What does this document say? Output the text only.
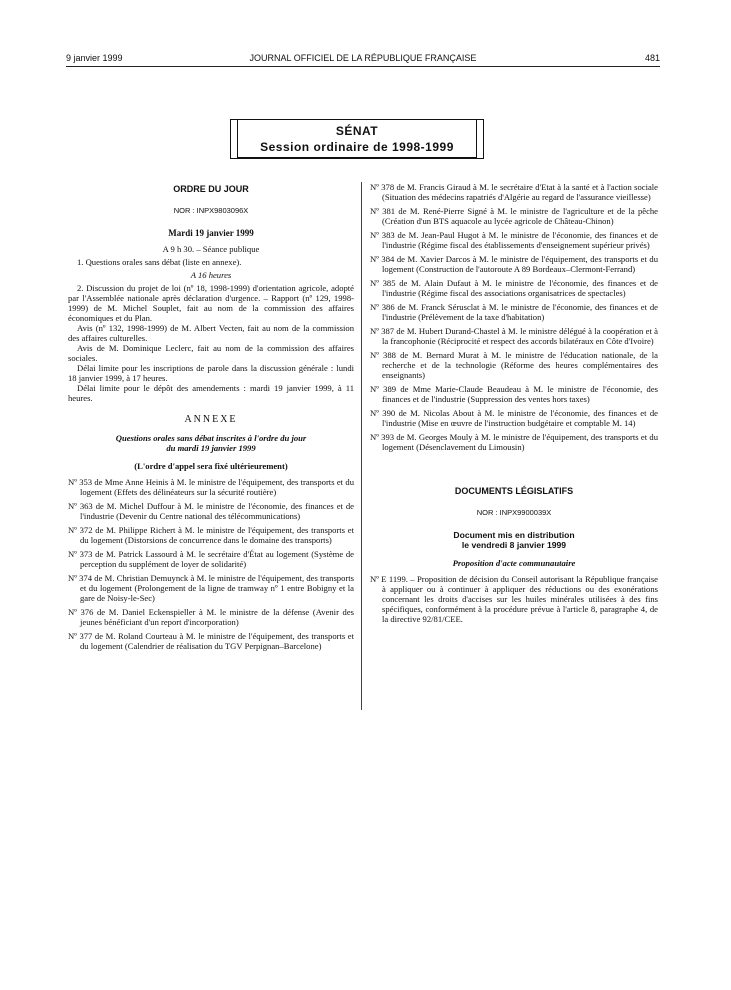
9 janvier 1999	JOURNAL OFFICIEL DE LA RÉPUBLIQUE FRANÇAISE	481
SÉNAT
Session ordinaire de 1998-1999

ORDRE DU JOUR

NOR : INPX9803096X

Mardi 19 janvier 1999

A 9 h 30. – Séance publique

1. Questions orales sans débat (liste en annexe).

A 16 heures

2. Discussion du projet de loi (nº 18, 1998-1999) d'orientation agricole, adopté par l'Assemblée nationale après déclaration d'urgence. – Rapport (nº 129, 1998-1999) de M. Michel Souplet, fait au nom de la commission des affaires économiques et du Plan.

Avis (nº 132, 1998-1999) de M. Albert Vecten, fait au nom de la commission des affaires culturelles.

Avis de M. Dominique Leclerc, fait au nom de la commission des affaires sociales.

Délai limite pour les inscriptions de parole dans la discussion générale : lundi 18 janvier 1999, à 17 heures.

Délai limite pour le dépôt des amendements : mardi 19 janvier 1999, à 11 heures.

ANNEXE

Questions orales sans débat inscrites à l'ordre du jour

du mardi 19 janvier 1999

(L'ordre d'appel sera fixé ultérieurement)

Nº 353 de Mme Anne Heinis à M. le ministre de l'équipement, des transports et du logement (Effets des délinéateurs sur la sécurité routière)

Nº 363 de M. Michel Duffour à M. le ministre de l'économie, des finances et de l'industrie (Devenir du Centre national des télécommunications)

Nº 372 de M. Philippe Richert à M. le ministre de l'équipement, des transports et du logement (Distorsions de concurrence dans le domaine des transports)

Nº 373 de M. Patrick Lassourd à M. le secrétaire d'État au logement (Système de perception du supplément de loyer de solidarité)

Nº 374 de M. Christian Demuynck à M. le ministre de l'équipement, des transports et du logement (Prolongement de la ligne de tramway nº 1 entre Bobigny et la gare de Noisy-le-Sec)

Nº 376 de M. Daniel Eckenspieller à M. le ministre de la défense (Avenir des jeunes bénéficiant d'un report d'incorporation)

Nº 377 de M. Roland Courteau à M. le ministre de l'équipement, des transports et du logement (Calendrier de réalisation du TGV Perpignan–Barcelone)

Nº 378 de M. Francis Giraud à M. le secrétaire d'Etat à la santé et à l'action sociale (Situation des médecins rapatriés d'Algérie au regard de l'assurance vieillesse)

Nº 381 de M. René-Pierre Signé à M. le ministre de l'agriculture et de la pêche (Création d'un BTS aquacole au lycée agricole de Château-Chinon)

Nº 383 de M. Jean-Paul Hugot à M. le ministre de l'économie, des finances et de l'industrie (Régime fiscal des établissements d'enseignement supérieur privés)

Nº 384 de M. Xavier Darcos à M. le ministre de l'équipement, des transports et du logement (Construction de l'autoroute A 89 Bordeaux–Clermont-Ferrand)

Nº 385 de M. Alain Dufaut à M. le ministre de l'économie, des finances et de l'industrie (Régime fiscal des associations organisatrices de spectacles)

Nº 386 de M. Franck Sérusclat à M. le ministre de l'économie, des finances et de l'industrie (Prélèvement de la taxe d'habitation)

Nº 387 de M. Hubert Durand-Chastel à M. le ministre délégué à la coopération et à la francophonie (Réciprocité et respect des accords bilatéraux en Côte d'Ivoire)

Nº 388 de M. Bernard Murat à M. le ministre de l'éducation nationale, de la recherche et de la technologie (Réforme des heures complémentaires des enseignants)

Nº 389 de Mme Marie-Claude Beaudeau à M. le ministre de l'économie, des finances et de l'industrie (Suppression des ventes hors taxes)

Nº 390 de M. Nicolas About à M. le ministre de l'économie, des finances et de l'industrie (Mise en œuvre de l'instruction budgétaire et comptable M. 14)

Nº 393 de M. Georges Mouly à M. le ministre de l'équipement, des transports et du logement (Désenclavement du Limousin)

DOCUMENTS LÉGISLATIFS

NOR : INPX9900039X

Document mis en distribution

le vendredi 8 janvier 1999

Proposition d'acte communautaire

Nº E 1199. – Proposition de décision du Conseil autorisant la République française à appliquer ou à continuer à appliquer des réductions ou des exonérations concernant les droits d'accises sur les huiles minérales utilisées à des fins spécifiques, conformément à la procédure prévue à l'article 8, paragraphe 4, de la directive 92/81/CEE.
